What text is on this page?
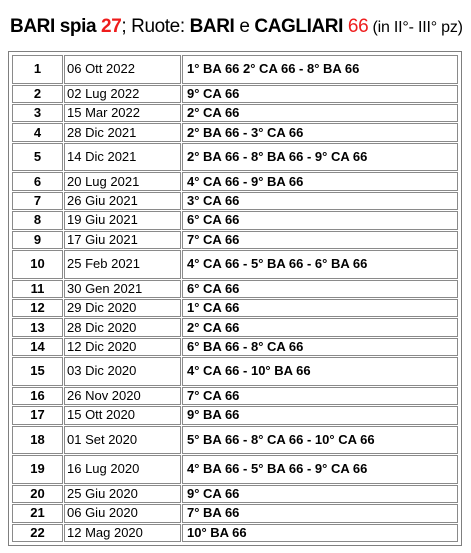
BARI spia 27; Ruote: BARI e CAGLIARI 66 (in II°- III° pz)
1	06 Ott 2022	1° BA 66 2° CA 66 - 8° BA 66
2	02 Lug 2022	9° CA 66
3	15 Mar 2022	2° CA 66
4	28 Dic 2021	2° BA 66 - 3° CA 66
5	14 Dic 2021	2° BA 66 - 8° BA 66 - 9° CA 66
6	20 Lug 2021	4° CA 66 - 9° BA 66
7	26 Giu 2021	3° CA 66
8	19 Giu 2021	6° CA 66
9	17 Giu 2021	7° CA 66
10	25 Feb 2021	4° CA 66 - 5° BA 66 - 6° BA 66
11	30 Gen 2021	6° CA 66
12	29 Dic 2020	1° CA 66
13	28 Dic 2020	2° CA 66
14	12 Dic 2020	6° BA 66 - 8° CA 66
15	03 Dic 2020	4° CA 66 - 10° BA 66
16	26 Nov 2020	7° CA 66
17	15 Ott 2020	9° BA 66
18	01 Set 2020	5° BA 66 - 8° CA 66 - 10° CA 66
19	16 Lug 2020	4° BA 66 - 5° BA 66 - 9° CA 66
20	25 Giu 2020	9° CA 66
21	06 Giu 2020	7° BA 66
22	12 Mag 2020	10° BA 66
